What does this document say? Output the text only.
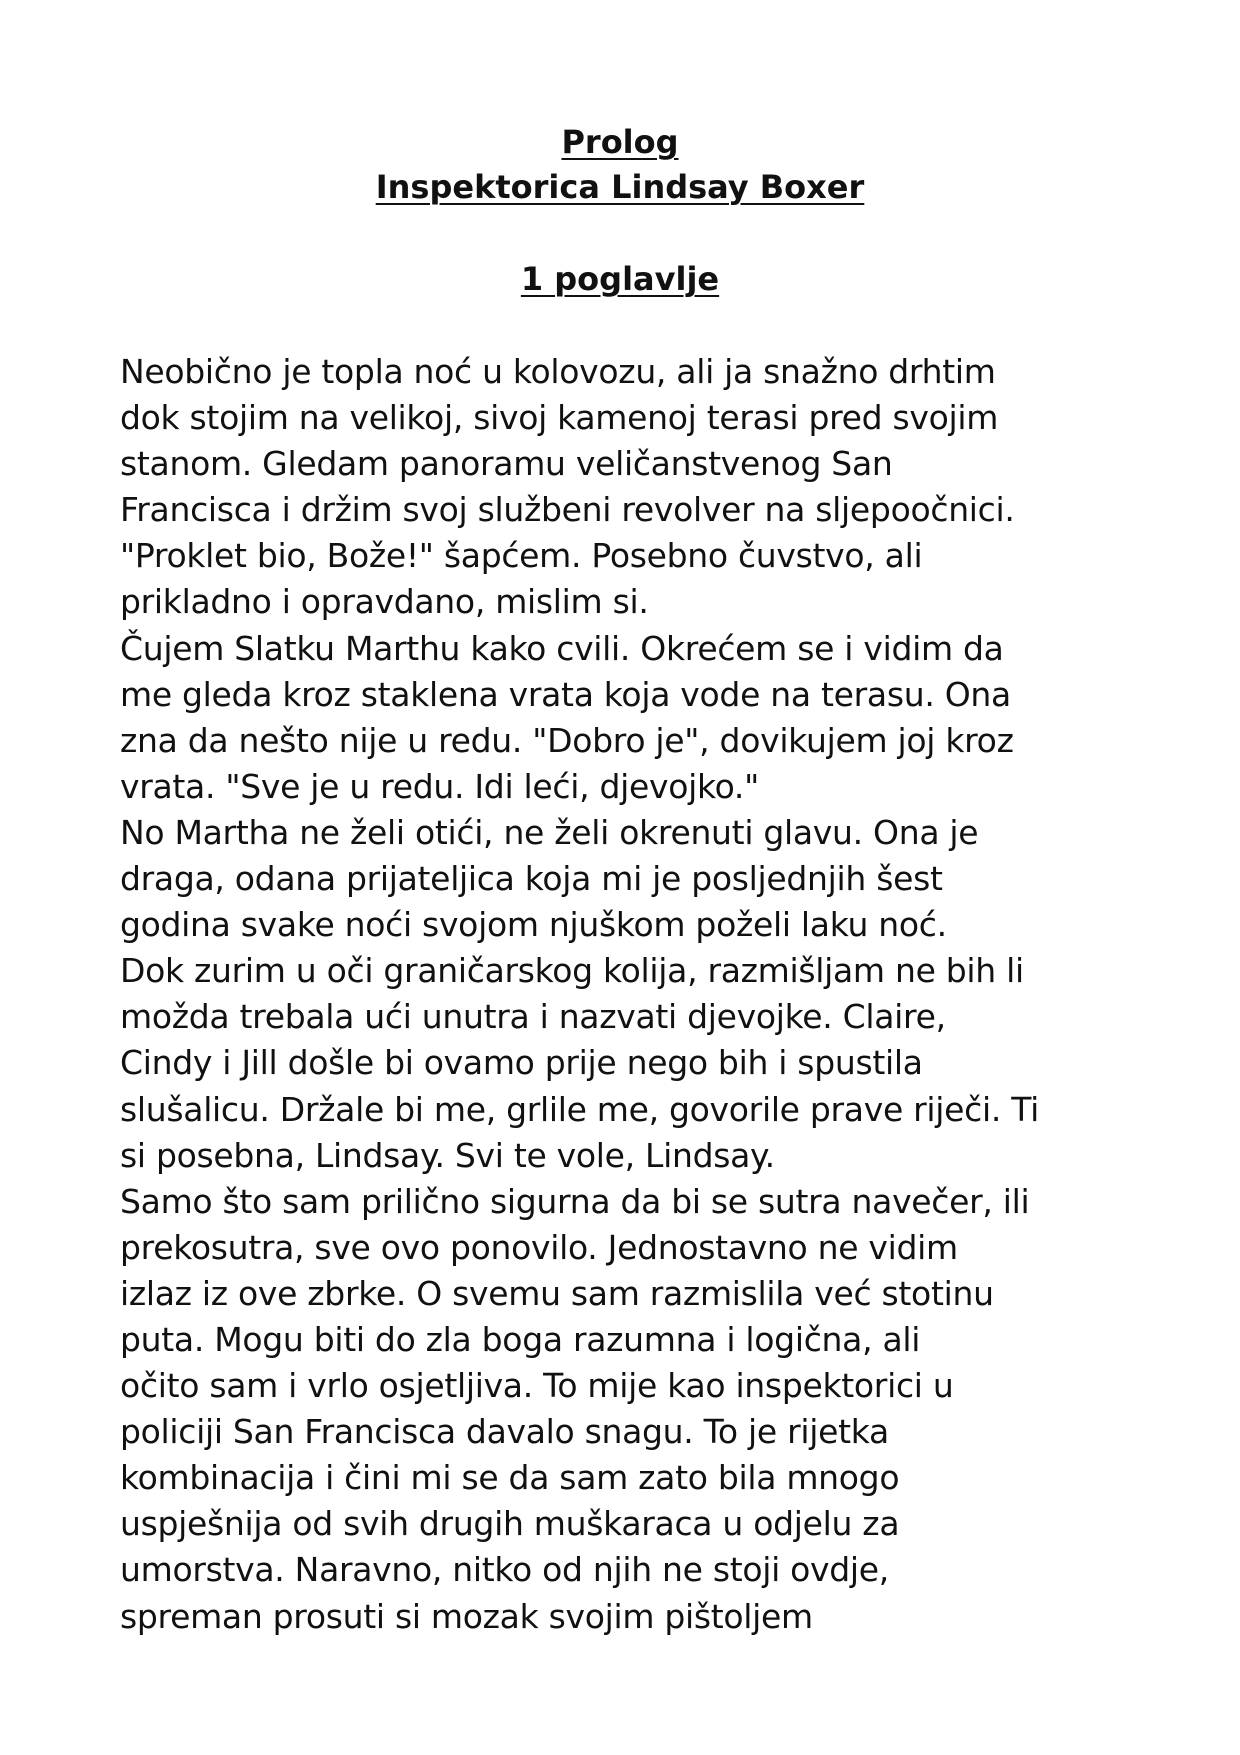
Prolog
Inspektorica Lindsay Boxer
1 poglavlje
Neobično je topla noć u kolovozu, ali ja snažno drhtim
dok stojim na velikoj, sivoj kamenoj terasi pred svojim
stanom. Gledam panoramu veličanstvenog San
Francisca i držim svoj službeni revolver na sljepoočnici.
"Proklet bio, Bože!" šapćem. Posebno čuvstvo, ali
prikladno i opravdano, mislim si.
Čujem Slatku Marthu kako cvili. Okrećem se i vidim da
me gleda kroz staklena vrata koja vode na terasu. Ona
zna da nešto nije u redu. "Dobro je", dovikujem joj kroz
vrata. "Sve je u redu. Idi leći, djevojko."
No Martha ne želi otići, ne želi okrenuti glavu. Ona je
draga, odana prijateljica koja mi je posljednjih šest
godina svake noći svojom njuškom poželi laku noć.
Dok zurim u oči graničarskog kolija, razmišljam ne bih li
možda trebala ući unutra i nazvati djevojke. Claire,
Cindy i Jill došle bi ovamo prije nego bih i spustila
slušalicu. Držale bi me, grlile me, govorile prave riječi. Ti
si posebna, Lindsay. Svi te vole, Lindsay.
Samo što sam prilično sigurna da bi se sutra navečer, ili
prekosutra, sve ovo ponovilo. Jednostavno ne vidim
izlaz iz ove zbrke. O svemu sam razmislila već stotinu
puta. Mogu biti do zla boga razumna i logična, ali
očito sam i vrlo osjetljiva. To mije kao inspektorici u
policiji San Francisca davalo snagu. To je rijetka
kombinacija i čini mi se da sam zato bila mnogo
uspješnija od svih drugih muškaraca u odjelu za
umorstva. Naravno, nitko od njih ne stoji ovdje,
spreman prosuti si mozak svojim pištoljem
